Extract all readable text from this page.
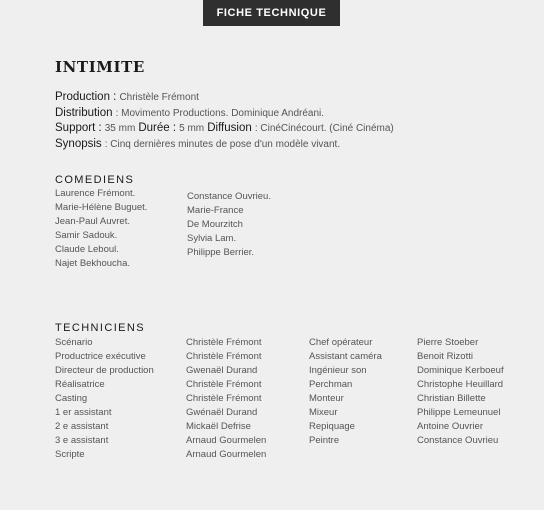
FICHE TECHNIQUE
INTIMITE
Production : Christèle Frémont
Distribution : Movimento Productions. Dominique Andréani.
Support : 35 mm Durée : 5 mm Diffusion : CinéCinécourt. (Ciné Cinéma)
Synopsis : Cinq dernières minutes de pose d'un modèle vivant.
COMEDIENS
Laurence Frémont.
Marie-Hélène Buguet.
Jean-Paul Auvret.
Samir Sadouk.
Claude Leboul.
Najet Bekhoucha.
Constance Ouvrieu.
Marie-France
De Mourzitch
Sylvia Lam.
Philippe Berrier.
TECHNICIENS
Scénario
Productrice exécutive
Directeur de production
Réalisatrice
Casting
1 er assistant
2 e assistant
3 e assistant
Scripte
Christèle Frémont
Christèle Frémont
Gwenaël Durand
Christèle Frémont
Christèle Frémont
Gwénaël Durand
Mickaël Defrise
Arnaud Gourmelen
Arnaud Gourmelen
Chef opérateur
Assistant caméra
Ingénieur son
Perchman
Monteur
Mixeur
Repiquage
Peintre
Pierre Stoeber
Benoit Rizotti
Dominique Kerboeuf
Christophe Heuillard
Christian Billette
Philippe Lemeunuel
Antoine Ouvrier
Constance Ouvrieu
